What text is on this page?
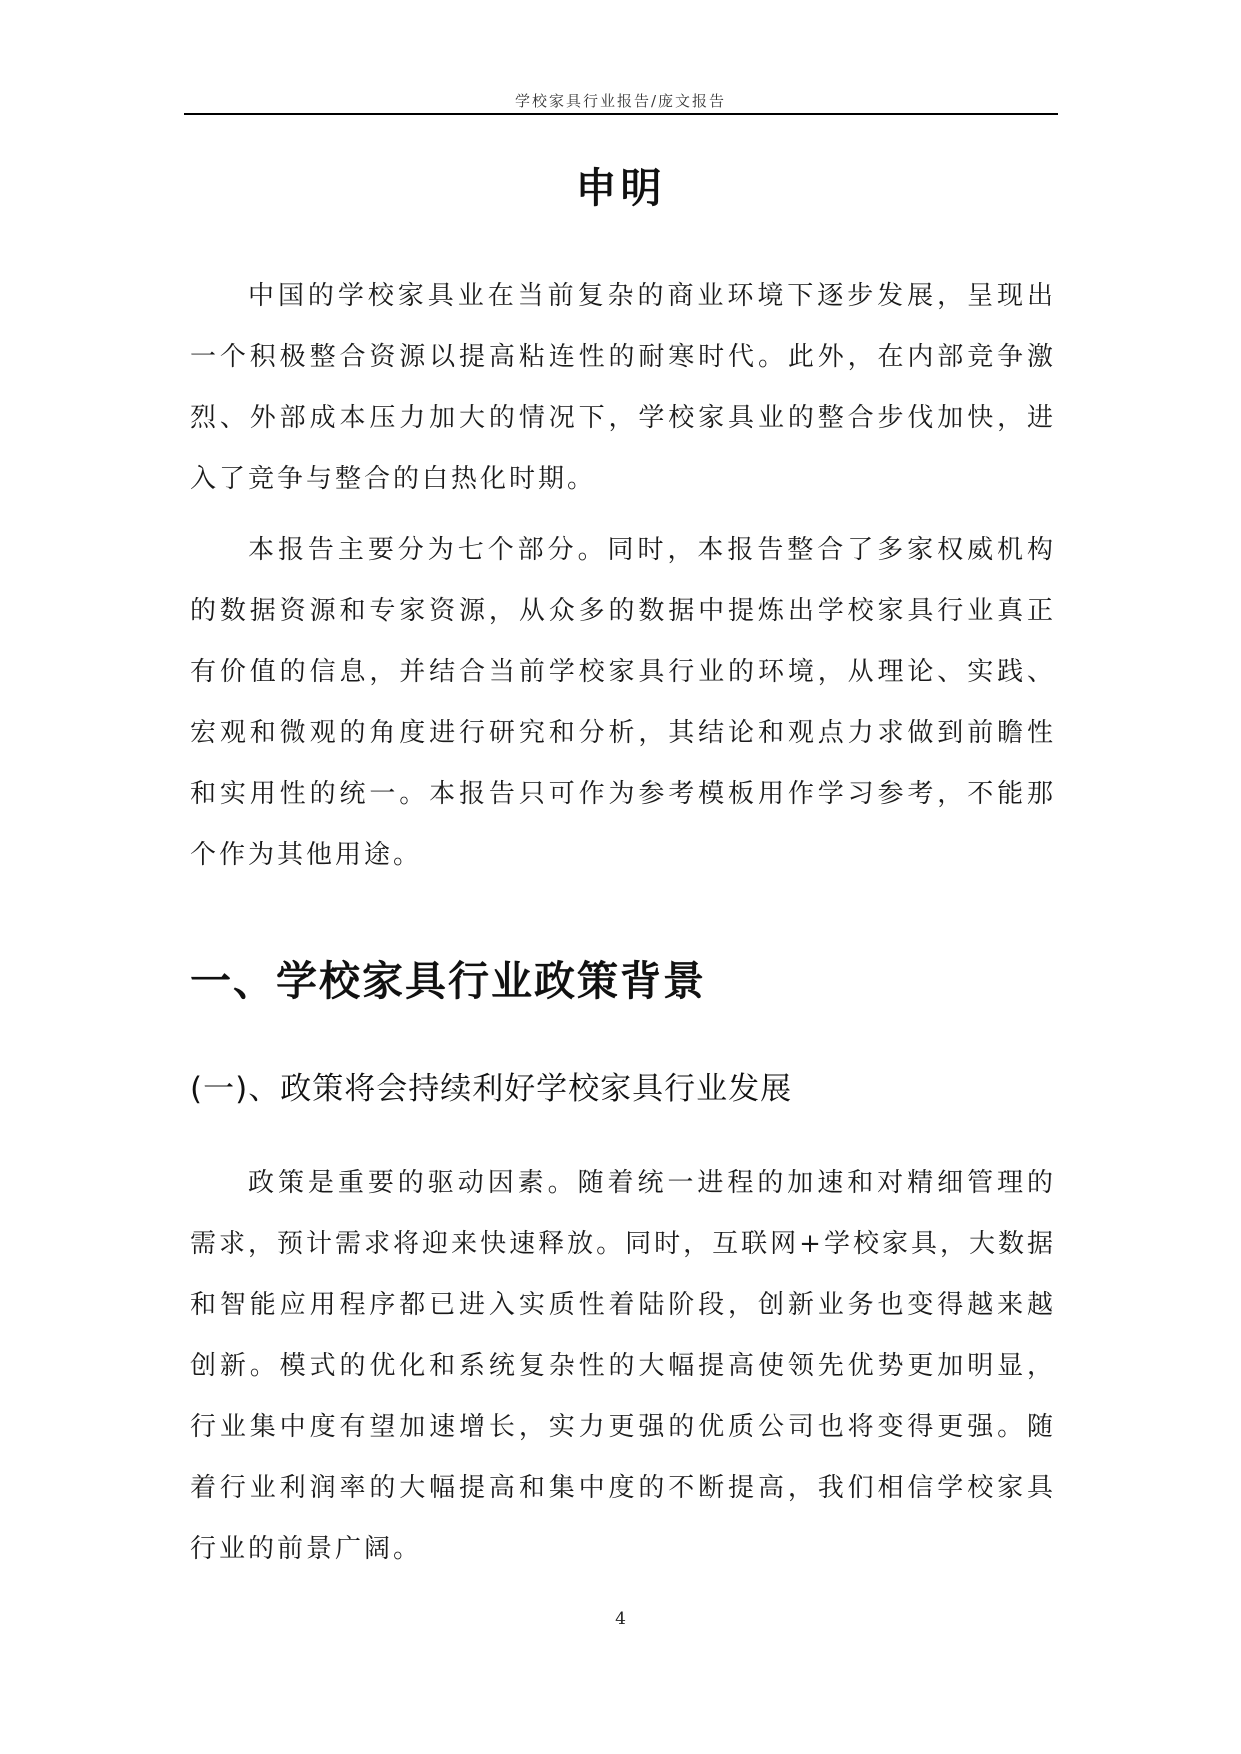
学校家具行业报告/庞文报告
申明

中国的学校家具业在当前复杂的商业环境下逐步发展，呈现出一个积极整合资源以提高粘连性的耐寒时代。此外，在内部竞争激烈、外部成本压力加大的情况下，学校家具业的整合步伐加快，进入了竞争与整合的白热化时期。

本报告主要分为七个部分。同时，本报告整合了多家权威机构的数据资源和专家资源，从众多的数据中提炼出学校家具行业真正有价值的信息，并结合当前学校家具行业的环境，从理论、实践、宏观和微观的角度进行研究和分析，其结论和观点力求做到前瞻性和实用性的统一。本报告只可作为参考模板用作学习参考，不能那个作为其他用途。

一、学校家具行业政策背景
(一)、政策将会持续利好学校家具行业发展

政策是重要的驱动因素。随着统一进程的加速和对精细管理的需求，预计需求将迎来快速释放。同时，互联网+学校家具，大数据和智能应用程序都已进入实质性着陆阶段，创新业务也变得越来越创新。模式的优化和系统复杂性的大幅提高使领先优势更加明显，行业集中度有望加速增长，实力更强的优质公司也将变得更强。随着行业利润率的大幅提高和集中度的不断提高，我们相信学校家具行业的前景广阔。

4
